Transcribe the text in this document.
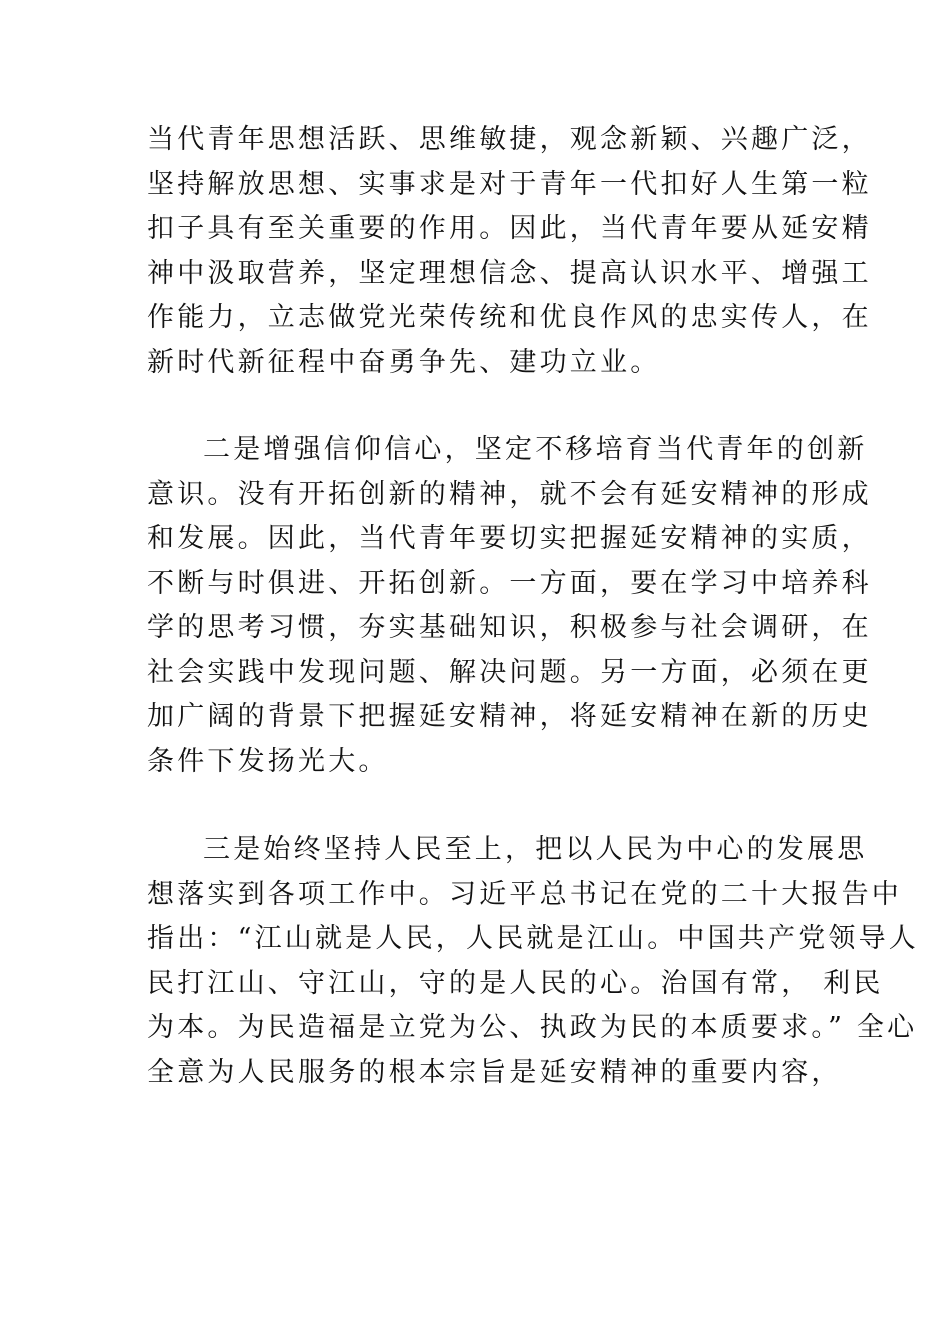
当代青年思想活跃、思维敏捷，观念新颖、兴趣广泛，
坚持解放思想、实事求是对于青年一代扣好人生第一粒
扣子具有至关重要的作用。因此，当代青年要从延安精
神中汲取营养，坚定理想信念、提高认识水平、增强工
作能力，立志做党光荣传统和优良作风的忠实传人，在
新时代新征程中奋勇争先、建功立业。
二是增强信仰信心，坚定不移培育当代青年的创新
意识。没有开拓创新的精神，就不会有延安精神的形成
和发展。因此，当代青年要切实把握延安精神的实质，
不断与时俱进、开拓创新。一方面，要在学习中培养科
学的思考习惯，夯实基础知识，积极参与社会调研，在
社会实践中发现问题、解决问题。另一方面，必须在更
加广阔的背景下把握延安精神，将延安精神在新的历史
条件下发扬光大。
三是始终坚持人民至上，把以人民为中心的发展思
想落实到各项工作中。习近平总书记在党的二十大报告中
指出：“江山就是人民，人民就是江山。中国共产党领导人
民打江山、守江山，守的是人民的心。治国有常， 利民
为本。为民造福是立党为公、执政为民的本质要求。” 全心
全意为人民服务的根本宗旨是延安精神的重要内容，
